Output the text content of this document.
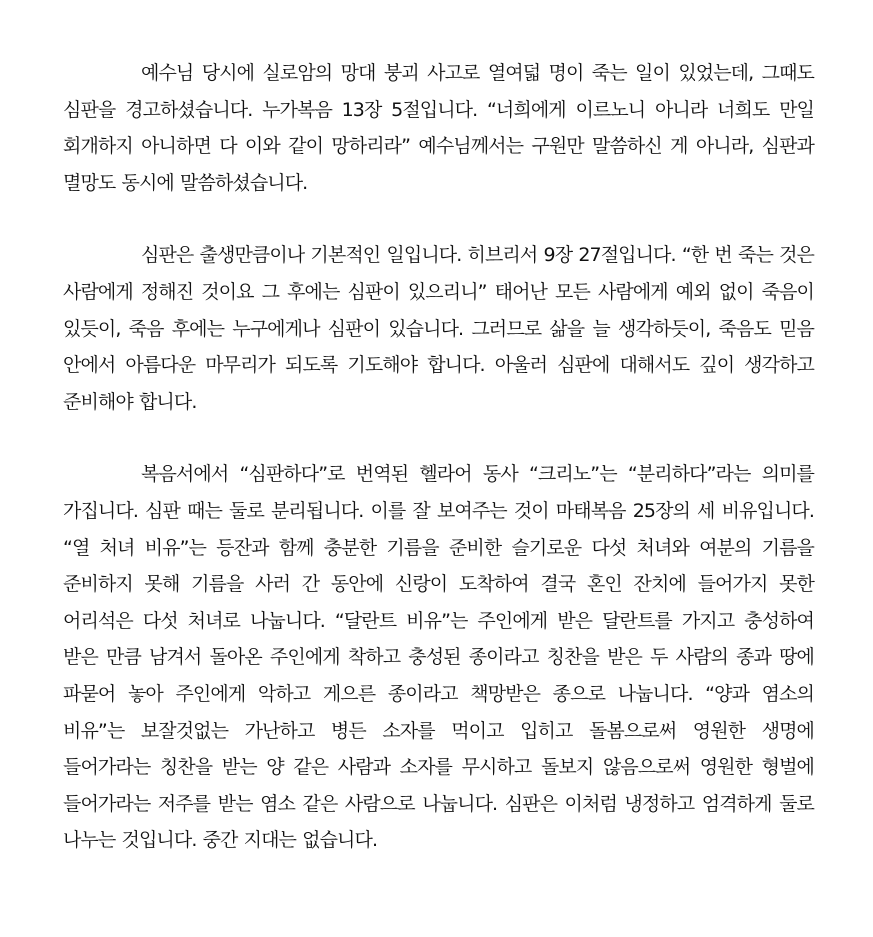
예수님 당시에 실로암의 망대 붕괴 사고로 열여덟 명이 죽는 일이 있었는데, 그때도 심판을 경고하셨습니다. 누가복음 13장 5절입니다. “너희에게 이르노니 아니라 너희도 만일 회개하지 아니하면 다 이와 같이 망하리라” 예수님께서는 구원만 말씀하신 게 아니라, 심판과 멸망도 동시에 말씀하셨습니다.

심판은 출생만큼이나 기본적인 일입니다. 히브리서 9장 27절입니다. “한 번 죽는 것은 사람에게 정해진 것이요 그 후에는 심판이 있으리니” 태어난 모든 사람에게 예외 없이 죽음이 있듯이, 죽음 후에는 누구에게나 심판이 있습니다. 그러므로 삶을 늘 생각하듯이, 죽음도 믿음 안에서 아름다운 마무리가 되도록 기도해야 합니다. 아울러 심판에 대해서도 깊이 생각하고 준비해야 합니다.

복음서에서 “심판하다”로 번역된 헬라어 동사 “크리노”는 “분리하다”라는 의미를 가집니다. 심판 때는 둘로 분리됩니다. 이를 잘 보여주는 것이 마태복음 25장의 세 비유입니다. “열 처녀 비유”는 등잔과 함께 충분한 기름을 준비한 슬기로운 다섯 처녀와 여분의 기름을 준비하지 못해 기름을 사러 간 동안에 신랑이 도착하여 결국 혼인 잔치에 들어가지 못한 어리석은 다섯 처녀로 나눕니다. “달란트 비유”는 주인에게 받은 달란트를 가지고 충성하여 받은 만큼 남겨서 돌아온 주인에게 착하고 충성된 종이라고 칭찬을 받은 두 사람의 종과 땅에 파묻어 놓아 주인에게 악하고 게으른 종이라고 책망받은 종으로 나눕니다. “양과 염소의 비유”는 보잘것없는 가난하고 병든 소자를 먹이고 입히고 돌봄으로써 영원한 생명에 들어가라는 칭찬을 받는 양 같은 사람과 소자를 무시하고 돌보지 않음으로써 영원한 형벌에 들어가라는 저주를 받는 염소 같은 사람으로 나눕니다. 심판은 이처럼 냉정하고 엄격하게 둘로 나누는 것입니다. 중간 지대는 없습니다.
